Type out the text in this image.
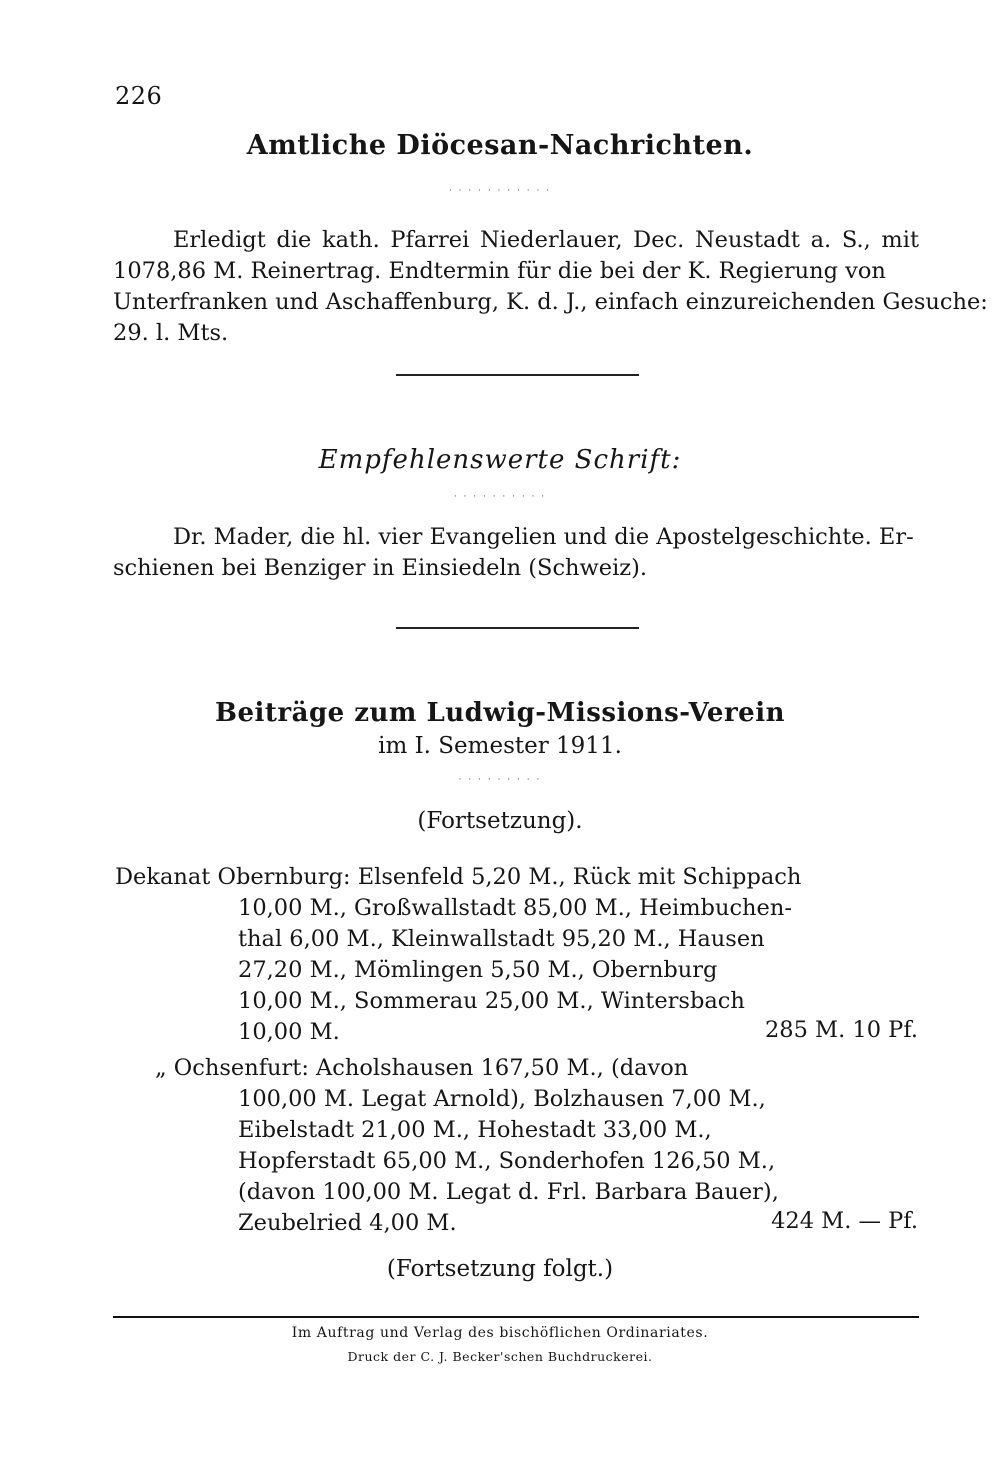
226
Amtliche Diöcesan-Nachrichten.
· · · · · · · · · · ·
Erledigt die kath. Pfarrei Niederlauer, Dec. Neustadt a. S., mit
1078,86 M. Reinertrag. Endtermin für die bei der K. Regierung von
Unterfranken und Aschaffenburg, K. d. J., einfach einzureichenden Gesuche:
29. l. Mts.
Empfehlenswerte Schrift:
· · · · · · · · · ·
Dr. Mader, die hl. vier Evangelien und die Apostelgeschichte. Er-
schienen bei Benziger in Einsiedeln (Schweiz).
Beiträge zum Ludwig-Missions-Verein
im I. Semester 1911.
· · · · · · · · ·
(Fortsetzung).
Dekanat Obernburg: Elsenfeld 5,20 M., Rück mit Schippach
10,00 M., Großwallstadt 85,00 M., Heimbuchen-
thal 6,00 M., Kleinwallstadt 95,20 M., Hausen
27,20 M., Mömlingen 5,50 M., Obernburg
10,00 M., Sommerau 25,00 M., Wintersbach
10,00 M.	285 M. 10 Pf.
„ Ochsenfurt: Acholshausen 167,50 M., (davon
100,00 M. Legat Arnold), Bolzhausen 7,00 M.,
Eibelstadt 21,00 M., Hohestadt 33,00 M.,
Hopferstadt 65,00 M., Sonderhofen 126,50 M.,
(davon 100,00 M. Legat d. Frl. Barbara Bauer),
Zeubelried 4,00 M.	424 M. — Pf.
(Fortsetzung folgt.)
Im Auftrag und Verlag des bischöflichen Ordinariates.
Druck der C. J. Becker'schen Buchdruckerei.
